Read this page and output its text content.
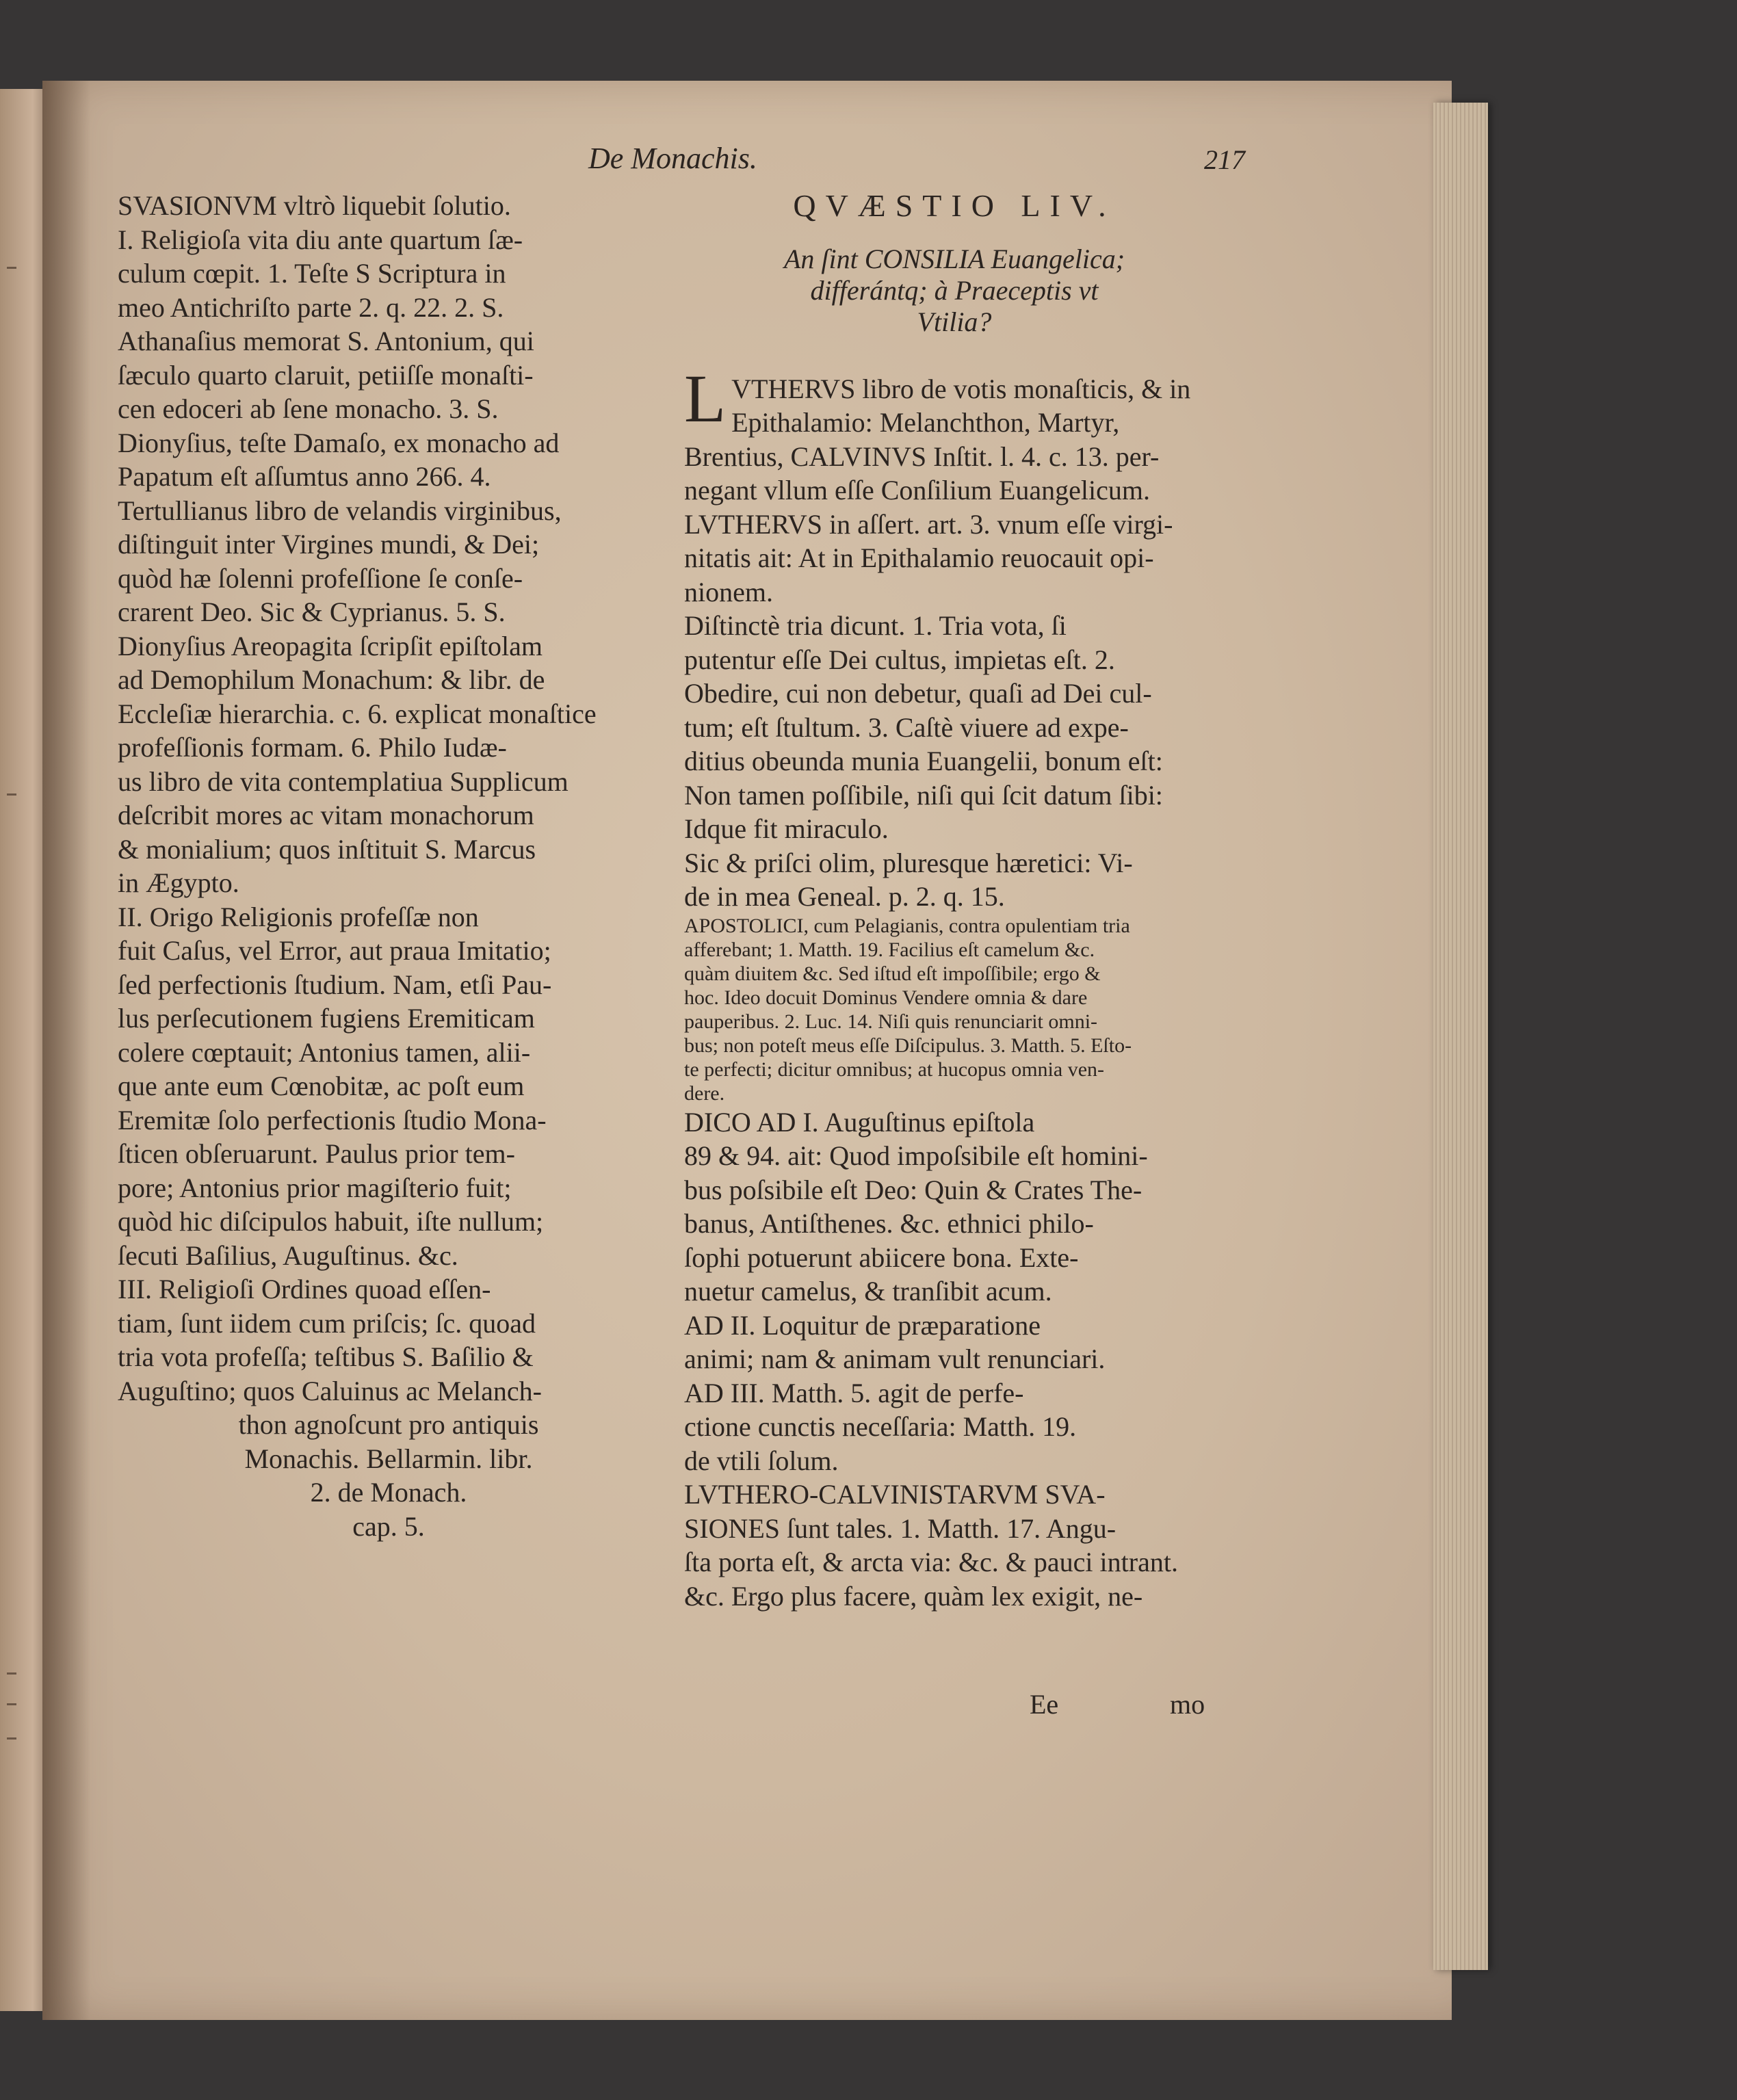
De Monachis.	217
SVASIONVM vltrò liquebit ſolutio.
I. Religioſa vita diu ante quartum ſæ-
culum cœpit. 1. Teſte S Scriptura in
meo Antichriſto parte 2. q. 22. 2. S.
Athanaſius memorat S. Antonium, qui
ſæculo quarto claruit, petiiſſe monaſti-
cen edoceri ab ſene monacho. 3. S.
Dionyſius, teſte Damaſo, ex monacho ad
Papatum eſt aſſumtus anno 266. 4.
Tertullianus libro de velandis virginibus,
diſtinguit inter Virgines mundi, & Dei;
quòd hæ ſolenni profeſſione ſe conſe-
crarent Deo. Sic & Cyprianus. 5. S.
Dionyſius Areopagita ſcripſit epiſtolam
ad Demophilum Monachum: & libr. de
Eccleſiæ hierarchia. c. 6. explicat monaſtice
profeſſionis formam. 6. Philo Iudæ-
us libro de vita contemplatiua Supplicum
deſcribit mores ac vitam monachorum
& monialium; quos inſtituit S. Marcus
in Ægypto.
II. Origo Religionis profeſſæ non
fuit Caſus, vel Error, aut praua Imitatio;
ſed perfectionis ſtudium. Nam, etſi Pau-
lus perſecutionem fugiens Eremiticam
colere cœptauit; Antonius tamen, alii-
que ante eum Cœnobitæ, ac poſt eum
Eremitæ ſolo perfectionis ſtudio Mona-
ſticen obſeruarunt. Paulus prior tem-
pore; Antonius prior magiſterio fuit;
quòd hic diſcipulos habuit, iſte nullum;
ſecuti Baſilius, Auguſtinus. &c.
III. Religioſi Ordines quoad eſſen-
tiam, ſunt iidem cum priſcis; ſc. quoad
tria vota profeſſa; teſtibus S. Baſilio &
Auguſtino; quos Caluinus ac Melanch-
thon agnoſcunt pro antiquis
Monachis. Bellarmin. libr.
2. de Monach.
cap. 5.
QVÆSTIO LIV.
An ſint CONSILIA Euangelica;
differántq; à Praeceptis vt
Vtilia?
L VTHERVS libro de votis monaſticis, & in
Epithalamio: Melanchthon, Martyr,
Brentius, CALVINVS Inſtit. l. 4. c. 13. per-
negant vllum eſſe Conſilium Euangelicum.
LVTHERVS in aſſert. art. 3. vnum eſſe virgi-
nitatis ait: At in Epithalamio reuocauit opi-
nionem.
Diſtinctè tria dicunt. 1. Tria vota, ſi
putentur eſſe Dei cultus, impietas eſt. 2.
Obedire, cui non debetur, quaſi ad Dei cul-
tum; eſt ſtultum. 3. Caſtè viuere ad expe-
ditius obeunda munia Euangelii, bonum eſt:
Non tamen poſſibile, niſi qui ſcit datum ſibi:
Idque fit miraculo.
Sic & priſci olim, pluresque hæretici: Vi-
de in mea Geneal. p. 2. q. 15.
APOSTOLICI, cum Pelagianis, contra opulentiam tria
afferebant; 1. Matth. 19. Facilius eſt camelum &c.
quàm diuitem &c. Sed iſtud eſt impoſſibile; ergo &
hoc. Ideo docuit Dominus Vendere omnia & dare
pauperibus. 2. Luc. 14. Niſi quis renunciarit omni-
bus; non poteſt meus eſſe Diſcipulus. 3. Matth. 5. Eſto-
te perfecti; dicitur omnibus; at hucopus omnia ven-
dere.
DICO AD I. Auguſtinus epiſtola
89 & 94. ait: Quod impoſsibile eſt homini-
bus poſsibile eſt Deo: Quin & Crates The-
banus, Antiſthenes. &c. ethnici philo-
ſophi potuerunt abiicere bona. Exte-
nuetur camelus, & tranſibit acum.
AD II. Loquitur de præparatione
animi; nam & animam vult renunciari.
AD III. Matth. 5. agit de perfe-
ctione cunctis neceſſaria: Matth. 19.
de vtili ſolum.
LVTHERO-CALVINISTARVM SVA-
SIONES ſunt tales. 1. Matth. 17. Angu-
ſta porta eſt, & arcta via: &c. & pauci intrant.
&c. Ergo plus facere, quàm lex exigit, ne-
Ee	mo
